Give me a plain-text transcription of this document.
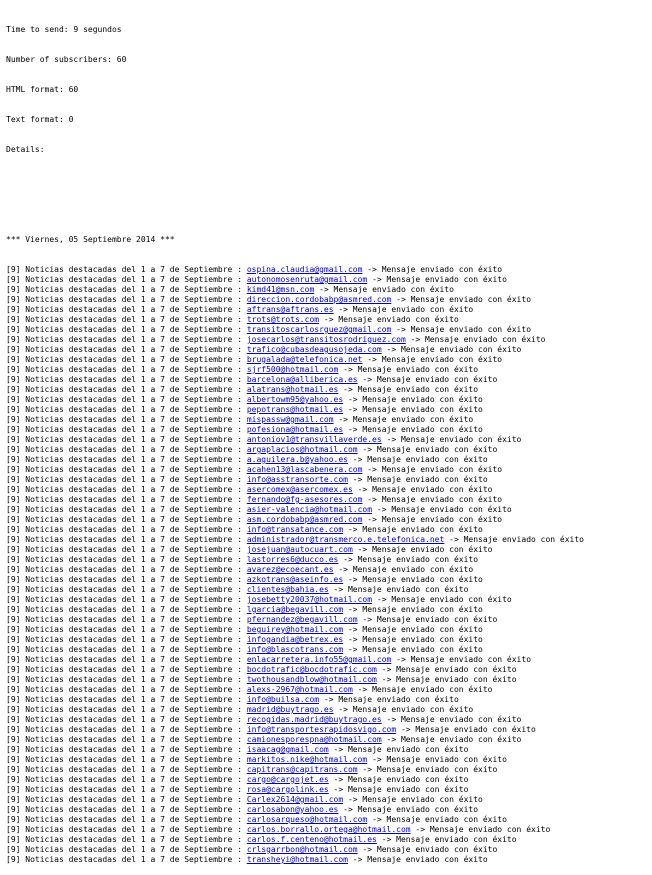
Time to send: 9 segundos

Number of subscribers: 60

HTML format: 60

Text format: 0

Details:

*** Viernes, 05 Septiembre 2014 ***

[9] Noticias destacadas del 1 a 7 de Septiembre : ospina.claudia@gmail.com -> Mensaje enviado con éxito
[9] Noticias destacadas del 1 a 7 de Septiembre : autonomosenruta@gmail.com -> Mensaje enviado con éxito
[9] Noticias destacadas del 1 a 7 de Septiembre : kimd41@msn.com -> Mensaje enviado con éxito
[9] Noticias destacadas del 1 a 7 de Septiembre : direccion.cordobabp@asmred.com -> Mensaje enviado con éxito
[9] Noticias destacadas del 1 a 7 de Septiembre : aftrans@aftrans.es -> Mensaje enviado con éxito
[9] Noticias destacadas del 1 a 7 de Septiembre : trots@trots.com -> Mensaje enviado con éxito
[9] Noticias destacadas del 1 a 7 de Septiembre : transitoscarlosrguez@gmail.com -> Mensaje enviado con éxito
[9] Noticias destacadas del 1 a 7 de Septiembre : josecarlos@transitosrodriguez.com -> Mensaje enviado con éxito
[9] Noticias destacadas del 1 a 7 de Septiembre : trafico@cubasdeagusojeda.com -> Mensaje enviado con éxito
[9] Noticias destacadas del 1 a 7 de Septiembre : brugalada@telefonica.net -> Mensaje enviado con éxito
[9] Noticias destacadas del 1 a 7 de Septiembre : sjrf500@hotmail.com -> Mensaje enviado con éxito
[9] Noticias destacadas del 1 a 7 de Septiembre : barcelona@alliberica.es -> Mensaje enviado con éxito
[9] Noticias destacadas del 1 a 7 de Septiembre : alatrans@hotmail.es -> Mensaje enviado con éxito
[9] Noticias destacadas del 1 a 7 de Septiembre : albertowm95@yahoo.es -> Mensaje enviado con éxito
[9] Noticias destacadas del 1 a 7 de Septiembre : pepotrans@hotmail.es -> Mensaje enviado con éxito
[9] Noticias destacadas del 1 a 7 de Septiembre : mispassw@gmail.com -> Mensaje enviado con éxito
[9] Noticias destacadas del 1 a 7 de Septiembre : pofesiona@hotmail.es -> Mensaje enviado con éxito
[9] Noticias destacadas del 1 a 7 de Septiembre : antoniov1@transvillaverde.es -> Mensaje enviado con éxito
[9] Noticias destacadas del 1 a 7 de Septiembre : argaplacios@hotmail.com -> Mensaje enviado con éxito
[9] Noticias destacadas del 1 a 7 de Septiembre : a.aguilera.b@yahoo.es -> Mensaje enviado con éxito
[9] Noticias destacadas del 1 a 7 de Septiembre : acahen13@lascabenera.com -> Mensaje enviado con éxito
[9] Noticias destacadas del 1 a 7 de Septiembre : info@asstransorte.com -> Mensaje enviado con éxito
[9] Noticias destacadas del 1 a 7 de Septiembre : asercomex@asercomex.es -> Mensaje enviado con éxito
[9] Noticias destacadas del 1 a 7 de Septiembre : fernando@fg-asesores.com -> Mensaje enviado con éxito
[9] Noticias destacadas del 1 a 7 de Septiembre : asier-valencia@hotmail.com -> Mensaje enviado con éxito
[9] Noticias destacadas del 1 a 7 de Septiembre : asm.cordobabp@asmred.com -> Mensaje enviado con éxito
[9] Noticias destacadas del 1 a 7 de Septiembre : info@transatance.com -> Mensaje enviado con éxito
[9] Noticias destacadas del 1 a 7 de Septiembre : administrador@transmerco.e.telefonica.net -> Mensaje enviado con éxito
[9] Noticias destacadas del 1 a 7 de Septiembre : josejuan@autocuart.com -> Mensaje enviado con éxito
[9] Noticias destacadas del 1 a 7 de Septiembre : lastorres6@ducco.es -> Mensaje enviado con éxito
[9] Noticias destacadas del 1 a 7 de Septiembre : avarez@ecoecant.es -> Mensaje enviado con éxito
[9] Noticias destacadas del 1 a 7 de Septiembre : azkotrans@aseinfo.es -> Mensaje enviado con éxito
[9] Noticias destacadas del 1 a 7 de Septiembre : clientes@bahia.es -> Mensaje enviado con éxito
[9] Noticias destacadas del 1 a 7 de Septiembre : josebetty20037@hotmail.com -> Mensaje enviado con éxito
[9] Noticias destacadas del 1 a 7 de Septiembre : lgarcia@begavill.com -> Mensaje enviado con éxito
[9] Noticias destacadas del 1 a 7 de Septiembre : pfernandez@begavill.com -> Mensaje enviado con éxito
[9] Noticias destacadas del 1 a 7 de Septiembre : beguirey@hotmail.com -> Mensaje enviado con éxito
[9] Noticias destacadas del 1 a 7 de Septiembre : infogandia@betrex.es -> Mensaje enviado con éxito
[9] Noticias destacadas del 1 a 7 de Septiembre : info@blascotrans.com -> Mensaje enviado con éxito
[9] Noticias destacadas del 1 a 7 de Septiembre : enlacarretera.info55@gmail.com -> Mensaje enviado con éxito
[9] Noticias destacadas del 1 a 7 de Septiembre : bocdotrafic@bocdotrafic.com -> Mensaje enviado con éxito
[9] Noticias destacadas del 1 a 7 de Septiembre : twothousandblow@hotmail.com -> Mensaje enviado con éxito
[9] Noticias destacadas del 1 a 7 de Septiembre : alexs-2967@hotmail.com -> Mensaje enviado con éxito
[9] Noticias destacadas del 1 a 7 de Septiembre : info@builsa.com -> Mensaje enviado con éxito
[9] Noticias destacadas del 1 a 7 de Septiembre : madrid@buytrago.es -> Mensaje enviado con éxito
[9] Noticias destacadas del 1 a 7 de Septiembre : recogidas.madrid@buytrago.es -> Mensaje enviado con éxito
[9] Noticias destacadas del 1 a 7 de Septiembre : info@transportesrapidosvigo.com -> Mensaje enviado con éxito
[9] Noticias destacadas del 1 a 7 de Septiembre : camionesporespna@hotmail.com -> Mensaje enviado con éxito
[9] Noticias destacadas del 1 a 7 de Septiembre : isaacag@gmail.com -> Mensaje enviado con éxito
[9] Noticias destacadas del 1 a 7 de Septiembre : markitos.nike@hotmail.com -> Mensaje enviado con éxito
[9] Noticias destacadas del 1 a 7 de Septiembre : capitrans@capitrans.com -> Mensaje enviado con éxito
[9] Noticias destacadas del 1 a 7 de Septiembre : cargo@cargojet.es -> Mensaje enviado con éxito
[9] Noticias destacadas del 1 a 7 de Septiembre : rosa@cargolink.es -> Mensaje enviado con éxito
[9] Noticias destacadas del 1 a 7 de Septiembre : Carlex2614@gmail.com -> Mensaje enviado con éxito
[9] Noticias destacadas del 1 a 7 de Septiembre : carlosabon@yahoo.es -> Mensaje enviado con éxito
[9] Noticias destacadas del 1 a 7 de Septiembre : carlosarqueso@hotmail.com -> Mensaje enviado con éxito
[9] Noticias destacadas del 1 a 7 de Septiembre : carlos.borrallo.ortega@hotmail.com -> Mensaje enviado con éxito
[9] Noticias destacadas del 1 a 7 de Septiembre : carlos.f.centeno@hotmail.es -> Mensaje enviado con éxito
[9] Noticias destacadas del 1 a 7 de Septiembre : crlsgarrbon@hotmail.com -> Mensaje enviado con éxito
[9] Noticias destacadas del 1 a 7 de Septiembre : transheyi@hotmail.com -> Mensaje enviado con éxito
